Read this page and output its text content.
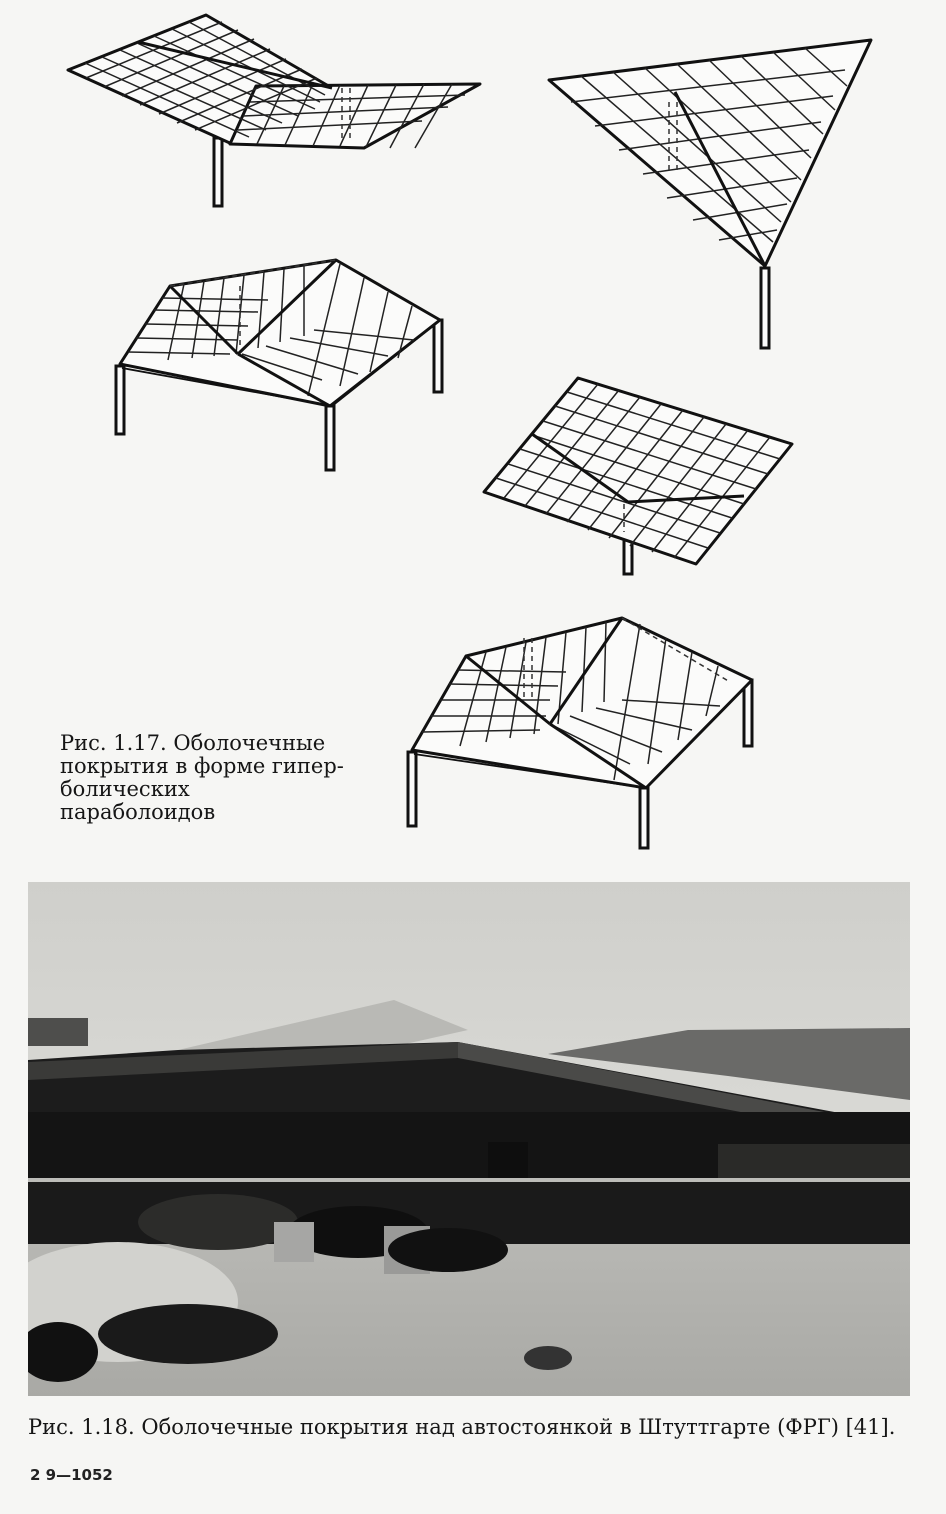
Рис. 1.17. Оболочечные
покрытия в форме гипер-
болических параболоидов
Рис. 1.18. Оболочечные покрытия над автостоянкой в Штуттгарте (ФРГ) [41].
2 9—1052
